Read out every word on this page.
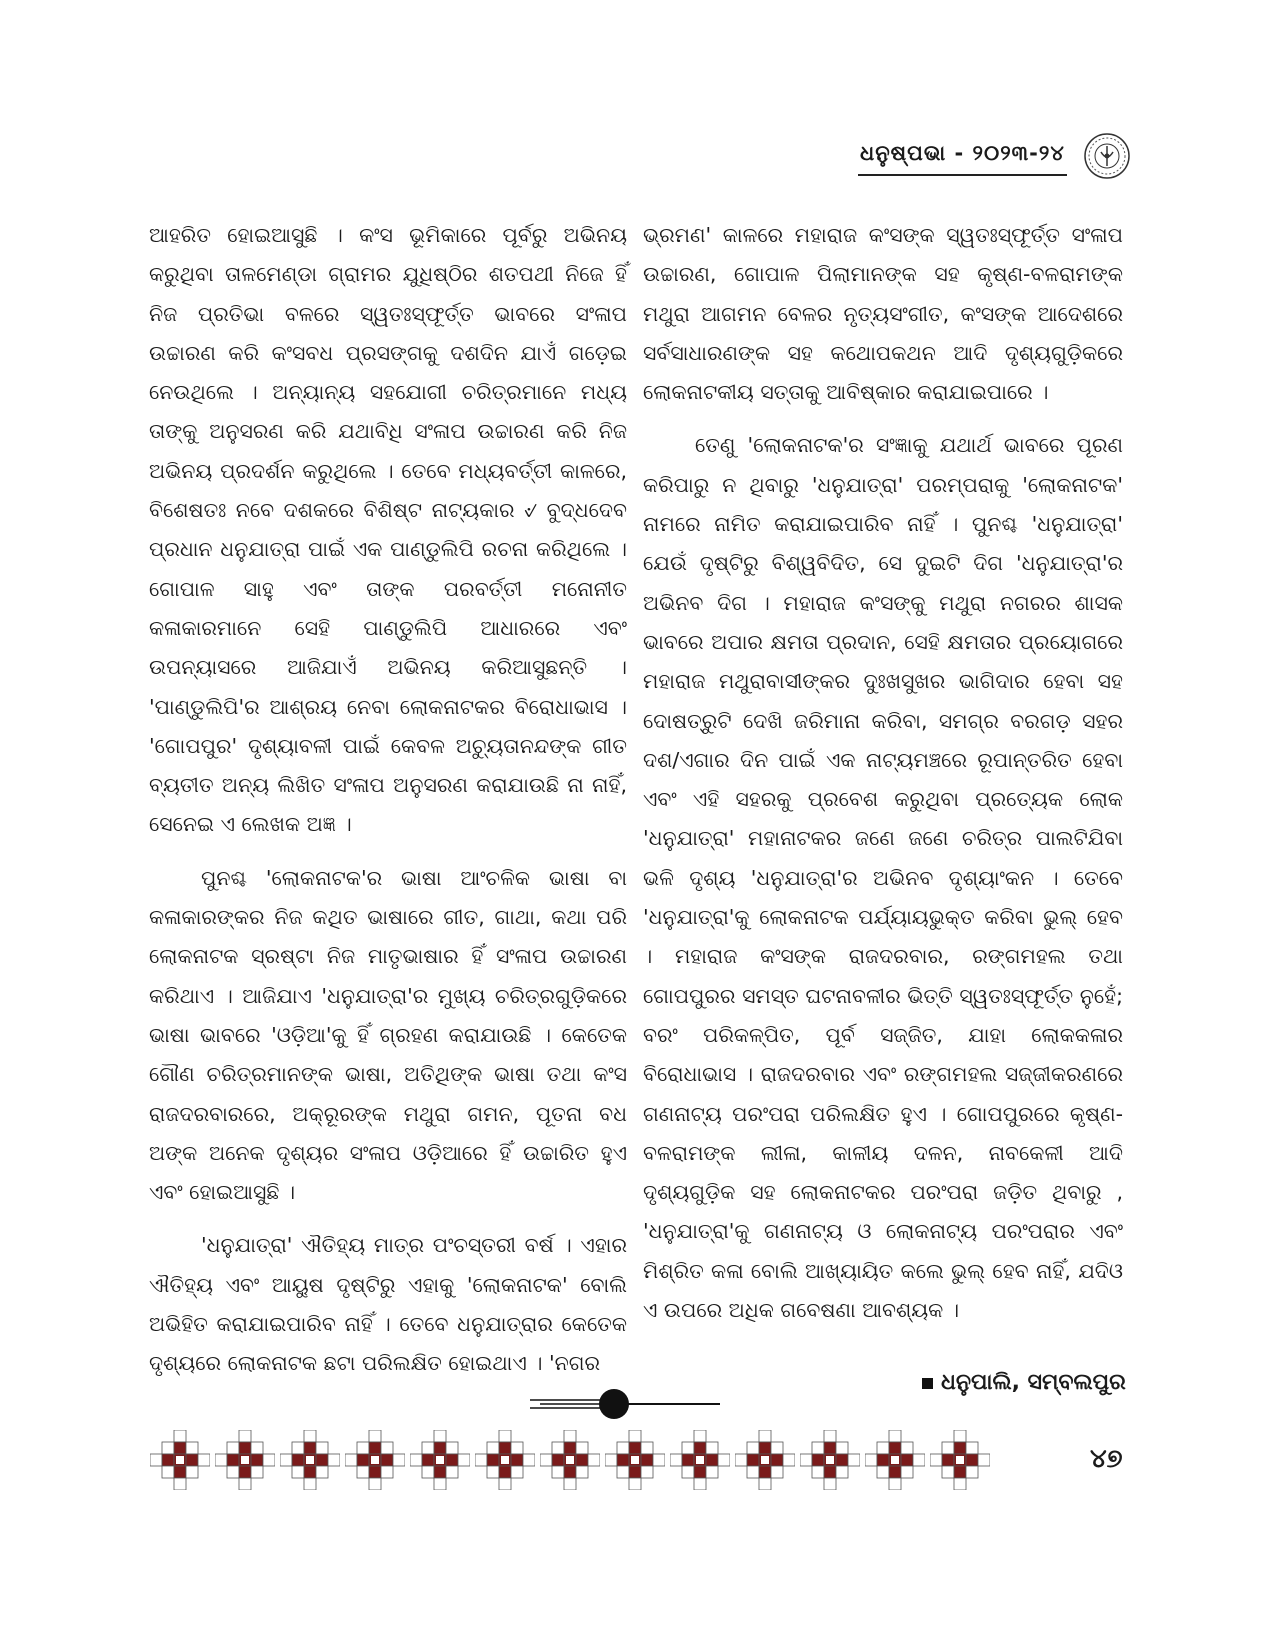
ଧନୁଷ୍ପଭା - ୨୦୨୩-୨୪

ଆହରିତ ହୋଇଆସୁଛି । କଂସ ଭୂମିକାରେ ପୂର୍ବରୁ ଅଭିନୟ କରୁଥିବା ତାଳମେଣ୍ଡା ଗ୍ରାମର ଯୁଧିଷ୍ଠିର ଶତପଥୀ ନିଜେ ହିଁ ନିଜ ପ୍ରତିଭା ବଳରେ ସ୍ୱତଃସ୍ଫୂର୍ତ୍ତ ଭାବରେ ସଂଳାପ ଉଚ୍ଚାରଣ କରି କଂସବଧ ପ୍ରସଙ୍ଗକୁ ଦଶଦିନ ଯାଏଁ ଗଡ଼େଇ ନେଉଥିଲେ । ଅନ୍ୟାନ୍ୟ ସହଯୋଗୀ ଚରିତ୍ରମାନେ ମଧ୍ୟ ତାଙ୍କୁ ଅନୁସରଣ କରି ଯଥାବିଧି ସଂଳାପ ଉଚ୍ଚାରଣ କରି ନିଜ ଅଭିନୟ ପ୍ରଦର୍ଶନ କରୁଥିଲେ । ତେବେ ମଧ୍ୟବର୍ତ୍ତୀ କାଳରେ, ବିଶେଷତଃ ନବେ ଦଶକରେ ବିଶିଷ୍ଟ ନାଟ୍ୟକାର ୰ ବୁଦ୍ଧଦେବ ପ୍ରଧାନ ଧନୁଯାତ୍ରା ପାଇଁ ଏକ ପାଣ୍ଡୁଲିପି ରଚନା କରିଥିଲେ । ଗୋପାଳ ସାହୁ ଏବଂ ତାଙ୍କ ପରବର୍ତ୍ତୀ ମନୋନୀତ କଳାକାରମାନେ ସେହି ପାଣ୍ଡୁଲିପି ଆଧାରରେ ଏବଂ ଉପନ୍ୟାସରେ ଆଜିଯାଏଁ ଅଭିନୟ କରିଆସୁଛନ୍ତି । 'ପାଣ୍ଡୁଲିପି'ର ଆଶ୍ରୟ ନେବା ଲୋକନାଟକର ବିରୋଧାଭାସ । 'ଗୋପପୁର' ଦୃଶ୍ୟାବଳୀ ପାଇଁ କେବଳ ଅଚ୍ୟୁତାନନ୍ଦଙ୍କ ଗୀତ ବ୍ୟତୀତ ଅନ୍ୟ ଲିଖିତ ସଂଳାପ ଅନୁସରଣ କରାଯାଉଛି ନା ନାହିଁ, ସେନେଇ ଏ ଲେଖକ ଅଜ୍ଞ ।

ପୁନଶ୍ଚ 'ଲୋକନାଟକ'ର ଭାଷା ଆଂଚଳିକ ଭାଷା ବା କଳାକାରଙ୍କର ନିଜ କଥିତ ଭାଷାରେ ଗୀତ, ଗାଥା, କଥା ପରି ଲୋକନାଟକ ସ୍ରଷ୍ଟା ନିଜ ମାତୃଭାଷାର ହିଁ ସଂଳାପ ଉଚ୍ଚାରଣ କରିଥାଏ । ଆଜିଯାଏ 'ଧନୁଯାତ୍ରା'ର ମୁଖ୍ୟ ଚରିତ୍ରଗୁଡ଼ିକରେ ଭାଷା ଭାବରେ 'ଓଡ଼ିଆ'କୁ ହିଁ ଗ୍ରହଣ କରାଯାଉଛି । କେତେକ ଗୌଣ ଚରିତ୍ରମାନଙ୍କ ଭାଷା, ଅତିଥିଙ୍କ ଭାଷା ତଥା କଂସ ରାଜଦରବାରରେ, ଅକ୍ରୂରଙ୍କ ମଥୁରା ଗମନ, ପୂତନା ବଧ ଅଙ୍କ ଅନେକ ଦୃଶ୍ୟର ସଂଳାପ ଓଡ଼ିଆରେ ହିଁ ଉଚ୍ଚାରିତ ହୁଏ ଏବଂ ହୋଇଆସୁଛି ।

'ଧନୁଯାତ୍ରା' ଐତିହ୍ୟ ମାତ୍ର ପଂଚସ୍ତରୀ ବର୍ଷ । ଏହାର ଐତିହ୍ୟ ଏବଂ ଆୟୁଷ ଦୃଷ୍ଟିରୁ ଏହାକୁ 'ଲୋକନାଟକ' ବୋଲି ଅଭିହିତ କରାଯାଇପାରିବ ନାହିଁ । ତେବେ ଧନୁଯାତ୍ରାର କେତେକ ଦୃଶ୍ୟରେ ଲୋକନାଟକ ଛଟା ପରିଲକ୍ଷିତ ହୋଇଥାଏ । 'ନଗର

ଭ୍ରମଣ' କାଳରେ ମହାରାଜ କଂସଙ୍କ ସ୍ୱତଃସ୍ଫୂର୍ତ୍ତ ସଂଳାପ ଉଚ୍ଚାରଣ, ଗୋପାଳ ପିଲାମାନଙ୍କ ସହ କୃଷ୍ଣ-ବଳରାମଙ୍କ ମଥୁରା ଆଗମନ ବେଳର ନୃତ୍ୟସଂଗୀତ, କଂସଙ୍କ ଆଦେଶରେ ସର୍ବସାଧାରଣଙ୍କ ସହ କଥୋପକଥନ ଆଦି ଦୃଶ୍ୟଗୁଡ଼ିକରେ ଲୋକନାଟକୀୟ ସତ୍ତାକୁ ଆବିଷ୍କାର କରାଯାଇପାରେ ।

ତେଣୁ 'ଲୋକନାଟକ'ର ସଂଜ୍ଞାକୁ ଯଥାର୍ଥ ଭାବରେ ପୂରଣ କରିପାରୁ ନ ଥିବାରୁ 'ଧନୁଯାତ୍ରା' ପରମ୍ପରାକୁ 'ଲୋକନାଟକ' ନାମରେ ନାମିତ କରାଯାଇପାରିବ ନାହିଁ । ପୁନଶ୍ଚ 'ଧନୁଯାତ୍ରା' ଯେଉଁ ଦୃଷ୍ଟିରୁ ବିଶ୍ୱବିଦିତ, ସେ ଦୁଇଟି ଦିଗ 'ଧନୁଯାତ୍ରା'ର ଅଭିନବ ଦିଗ । ମହାରାଜ କଂସଙ୍କୁ ମଥୁରା ନଗରର ଶାସକ ଭାବରେ ଅପାର କ୍ଷମତା ପ୍ରଦାନ, ସେହି କ୍ଷମତାର ପ୍ରୟୋଗରେ ମହାରାଜ ମଥୁରାବାସୀଙ୍କର ଦୁଃଖସୁଖର ଭାଗିଦାର ହେବା ସହ ଦୋଷତ୍ରୁଟି ଦେଖି ଜରିମାନା କରିବା, ସମଗ୍ର ବରଗଡ଼ ସହର ଦଶ/ଏଗାର ଦିନ ପାଇଁ ଏକ ନାଟ୍ୟମଞ୍ଚରେ ରୂପାନ୍ତରିତ ହେବା ଏବଂ ଏହି ସହରକୁ ପ୍ରବେଶ କରୁଥିବା ପ୍ରତ୍ୟେକ ଲୋକ 'ଧନୁଯାତ୍ରା' ମହାନାଟକର ଜଣେ ଜଣେ ଚରିତ୍ର ପାଲଟିଯିବା ଭଳି ଦୃଶ୍ୟ 'ଧନୁଯାତ୍ରା'ର ଅଭିନବ ଦୃଶ୍ୟାଂକନ । ତେବେ 'ଧନୁଯାତ୍ରା'କୁ ଲୋକନାଟକ ପର୍ଯ୍ୟାୟଭୁକ୍ତ କରିବା ଭୁଲ୍ ହେବ । ମହାରାଜ କଂସଙ୍କ ରାଜଦରବାର, ରଙ୍ଗମହଲ ତଥା ଗୋପପୁରର ସମସ୍ତ ଘଟନାବଳୀର ଭିତ୍ତି ସ୍ୱତଃସ୍ଫୂର୍ତ୍ତ ନୁହେଁ; ବରଂ ପରିକଳ୍ପିତ, ପୂର୍ବ ସଜ୍ଜିତ, ଯାହା ଲୋକକଳାର ବିରୋଧାଭାସ । ରାଜଦରବାର ଏବଂ ରଙ୍ଗମହଲ ସଜ୍ଜୀକରଣରେ ଗଣନାଟ୍ୟ ପରଂପରା ପରିଲକ୍ଷିତ ହୁଏ । ଗୋପପୁରରେ କୃଷ୍ଣ-ବଳରାମଙ୍କ ଲୀଳା, କାଳୀୟ ଦଳନ, ନାବକେଳୀ ଆଦି ଦୃଶ୍ୟଗୁଡ଼ିକ ସହ ଲୋକନାଟକର ପରଂପରା ଜଡ଼ିତ ଥିବାରୁ , 'ଧନୁଯାତ୍ରା'କୁ ଗଣନାଟ୍ୟ ଓ ଲୋକନାଟ୍ୟ ପରଂପରାର ଏବଂ ମିଶ୍ରିତ କଳା ବୋଲି ଆଖ୍ୟାୟିତ କଲେ ଭୁଲ୍ ହେବ ନାହିଁ, ଯଦିଓ ଏ ଉପରେ ଅଧିକ ଗବେଷଣା ଆବଶ୍ୟକ ।

ଧନୁପାଲି, ସମ୍ବଲପୁର
୪୭
